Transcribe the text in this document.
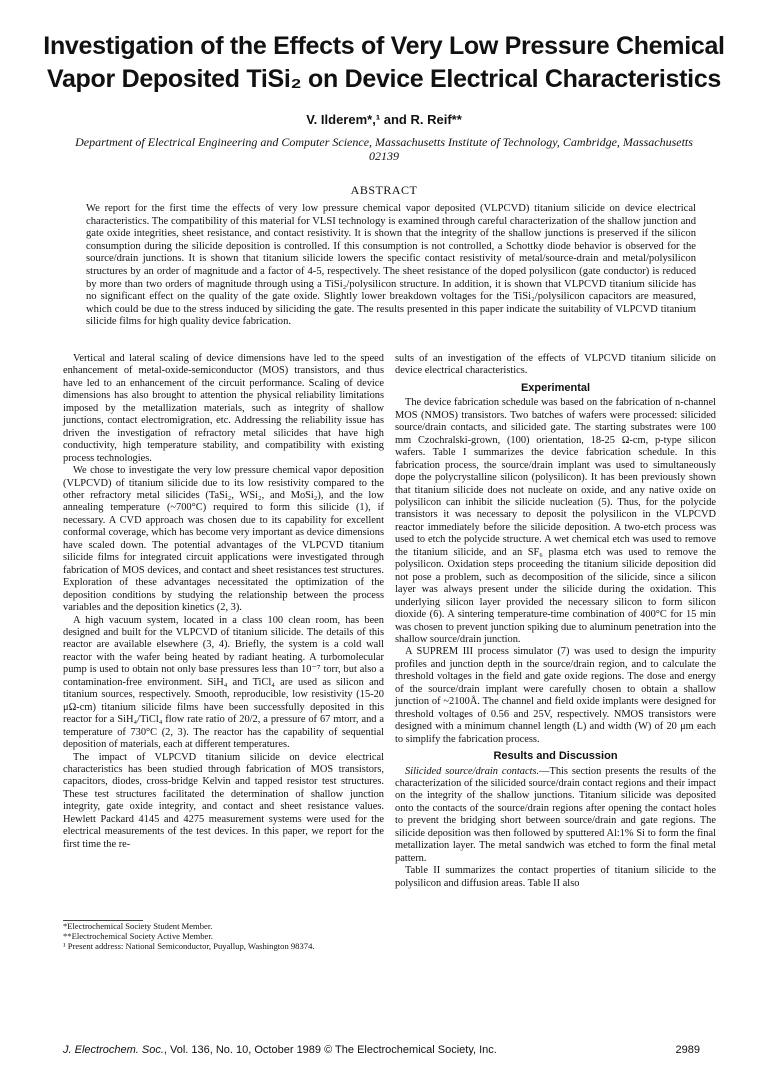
Investigation of the Effects of Very Low Pressure Chemical Vapor Deposited TiSi₂ on Device Electrical Characteristics
V. Ilderem*,¹ and R. Reif**
Department of Electrical Engineering and Computer Science, Massachusetts Institute of Technology, Cambridge, Massachusetts 02139
ABSTRACT
We report for the first time the effects of very low pressure chemical vapor deposited (VLPCVD) titanium silicide on device electrical characteristics. The compatibility of this material for VLSI technology is examined through careful characterization of the shallow junction and gate oxide integrities, sheet resistance, and contact resistivity. It is shown that the integrity of the shallow junctions is preserved if the silicon consumption during the silicide deposition is controlled. If this consumption is not controlled, a Schottky diode behavior is observed for the source/drain junctions. It is shown that titanium silicide lowers the specific contact resistivity of metal/source-drain and metal/polysilicon structures by an order of magnitude and a factor of 4-5, respectively. The sheet resistance of the doped polysilicon (gate conductor) is reduced by more than two orders of magnitude through using a TiSi₂/polysilicon structure. In addition, it is shown that VLPCVD titanium silicide has no significant effect on the quality of the gate oxide. Slightly lower breakdown voltages for the TiSi₂/polysilicon capacitors are measured, which could be due to the stress induced by siliciding the gate. The results presented in this paper indicate the suitability of VLPCVD titanium silicide films for high quality device fabrication.

Vertical and lateral scaling of device dimensions have led to the speed enhancement of metal-oxide-semiconductor (MOS) transistors, and thus have led to an enhancement of the circuit performance. Scaling of device dimensions has also brought to attention the physical reliability limitations imposed by the metallization materials, such as integrity of shallow junctions, contact electromigration, etc. Addressing the reliability issue has driven the investigation of refractory metal silicides that have high conductivity, high temperature stability, and compatibility with existing process technologies.

We chose to investigate the very low pressure chemical vapor deposition (VLPCVD) of titanium silicide due to its low resistivity compared to the other refractory metal silicides (TaSi₂, WSi₂, and MoSi₂), and the low annealing temperature (~700°C) required to form this silicide (1), if necessary. A CVD approach was chosen due to its capability for excellent conformal coverage, which has become very important as device dimensions have scaled down. The potential advantages of the VLPCVD titanium silicide films for integrated circuit applications were investigated through fabrication of MOS devices, and contact and sheet resistances test structures. Exploration of these advantages necessitated the optimization of the deposition conditions by studying the relationship between the process variables and the deposition kinetics (2, 3).

A high vacuum system, located in a class 100 clean room, has been designed and built for the VLPCVD of titanium silicide. The details of this reactor are available elsewhere (3, 4). Briefly, the system is a cold wall reactor with the wafer being heated by radiant heating. A turbomolecular pump is used to obtain not only base pressures less than 10⁻⁷ torr, but also a contamination-free environment. SiH₄ and TiCl₄ are used as silicon and titanium sources, respectively. Smooth, reproducible, low resistivity (15-20 μΩ-cm) titanium silicide films have been successfully deposited in this reactor for a SiH₄/TiCl₄ flow rate ratio of 20/2, a pressure of 67 mtorr, and a temperature of 730°C (2, 3). The reactor has the capability of sequential deposition of materials, each at different temperatures.

The impact of VLPCVD titanium silicide on device electrical characteristics has been studied through fabrication of MOS transistors, capacitors, diodes, cross-bridge Kelvin and tapped resistor test structures. These test structures facilitated the determination of shallow junction integrity, gate oxide integrity, and contact and sheet resistance values. Hewlett Packard 4145 and 4275 measurement systems were used for the electrical measurements of the test devices. In this paper, we report for the first time the re-

*Electrochemical Society Student Member.
**Electrochemical Society Active Member.
¹ Present address: National Semiconductor, Puyallup, Washington 98374.

sults of an investigation of the effects of VLPCVD titanium silicide on device electrical characteristics.

Experimental

The device fabrication schedule was based on the fabrication of n-channel MOS (NMOS) transistors. Two batches of wafers were processed: silicided source/drain contacts, and silicided gate. The starting substrates were 100 mm Czochralski-grown, (100) orientation, 18-25 Ω-cm, p-type silicon wafers. Table I summarizes the device fabrication schedule. In this fabrication process, the source/drain implant was used to simultaneously dope the polycrystalline silicon (polysilicon). It has been previously shown that titanium silicide does not nucleate on oxide, and any native oxide on polysilicon can inhibit the silicide nucleation (5). Thus, for the polycide transistors it was necessary to deposit the polysilicon in the VLPCVD reactor immediately before the silicide deposition. A two-etch process was used to etch the polycide structure. A wet chemical etch was used to remove the titanium silicide, and an SF₆ plasma etch was used to remove the polysilicon. Oxidation steps proceeding the titanium silicide deposition did not pose a problem, such as decomposition of the silicide, since a silicon layer was always present under the silicide during the oxidation. This underlying silicon layer provided the necessary silicon to form silicon dioxide (6). A sintering temperature-time combination of 400°C for 15 min was chosen to prevent junction spiking due to aluminum penetration into the shallow source/drain junction.

A SUPREM III process simulator (7) was used to design the impurity profiles and junction depth in the source/drain region, and to calculate the threshold voltages in the field and gate oxide regions. The dose and energy of the source/drain implant were carefully chosen to obtain a shallow junction of ~2100Å. The channel and field oxide implants were designed for threshold voltages of 0.56 and 25V, respectively. NMOS transistors were designed with a minimum channel length (L) and width (W) of 20 μm each to simplify the fabrication process.

Results and Discussion

Silicided source/drain contacts.—This section presents the results of the characterization of the silicided source/drain contact regions and their impact on the integrity of the shallow junctions. Titanium silicide was deposited onto the contacts of the source/drain regions after opening the contact holes to prevent the bridging short between source/drain and gate regions. The silicide deposition was then followed by sputtered Al:1% Si to form the final metallization layer. The metal sandwich was etched to form the final metal pattern.

Table II summarizes the contact properties of titanium silicide to the polysilicon and diffusion areas. Table II also

J. Electrochem. Soc., Vol. 136, No. 10, October 1989 © The Electrochemical Society, Inc.	2989
